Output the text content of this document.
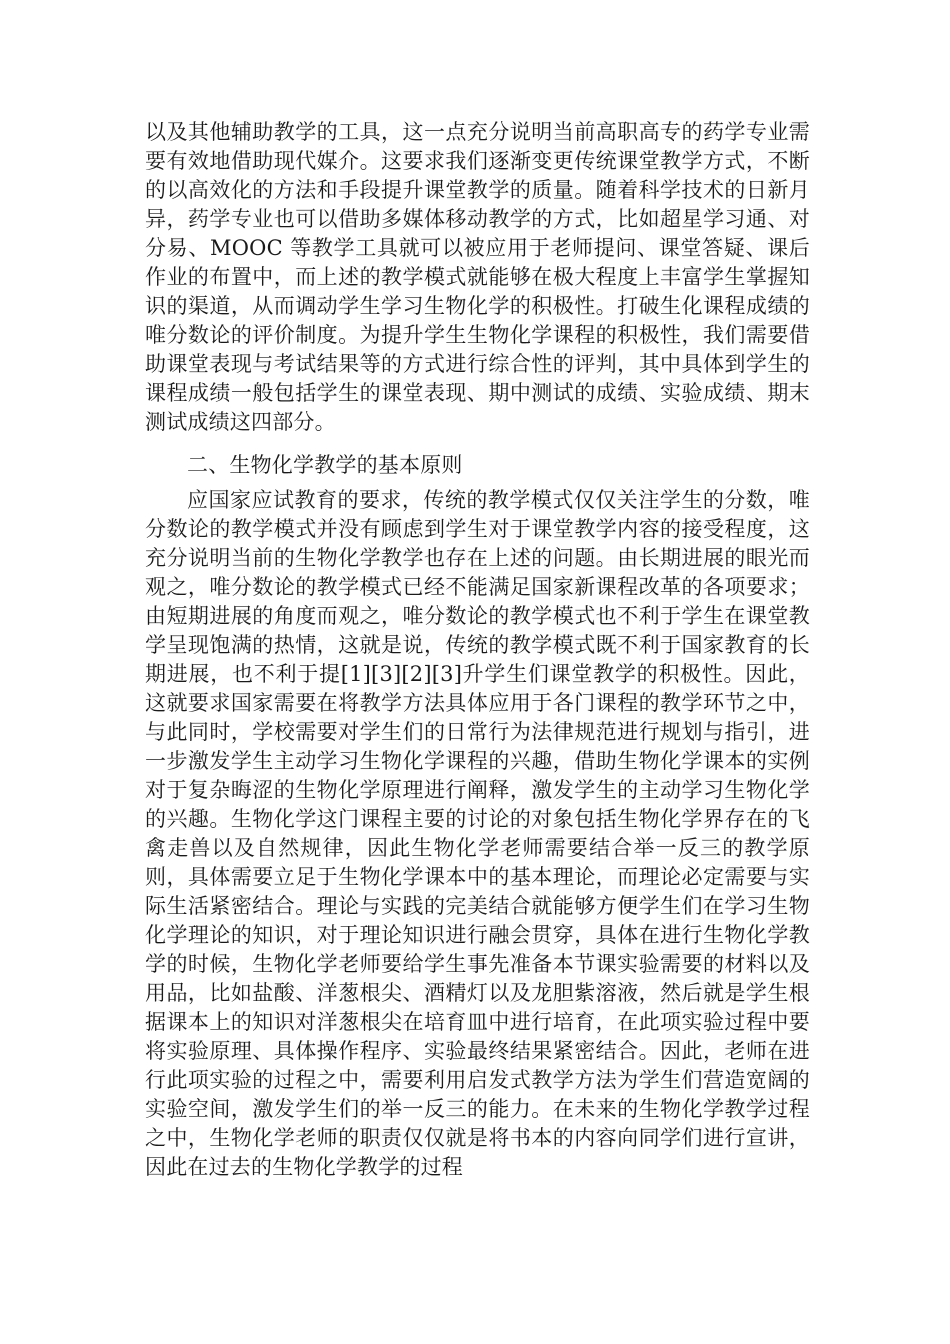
以及其他辅助教学的工具，这一点充分说明当前高职高专的药学专业需要有效地借助现代媒介。这要求我们逐渐变更传统课堂教学方式，不断的以高效化的方法和手段提升课堂教学的质量。随着科学技术的日新月异，药学专业也可以借助多媒体移动教学的方式，比如超星学习通、对分易、MOOC 等教学工具就可以被应用于老师提问、课堂答疑、课后作业的布置中，而上述的教学模式就能够在极大程度上丰富学生掌握知识的渠道，从而调动学生学习生物化学的积极性。打破生化课程成绩的唯分数论的评价制度。为提升学生生物化学课程的积极性，我们需要借助课堂表现与考试结果等的方式进行综合性的评判，其中具体到学生的课程成绩一般包括学生的课堂表现、期中测试的成绩、实验成绩、期末测试成绩这四部分。

二、生物化学教学的基本原则

应国家应试教育的要求，传统的教学模式仅仅关注学生的分数，唯分数论的教学模式并没有顾虑到学生对于课堂教学内容的接受程度，这充分说明当前的生物化学教学也存在上述的问题。由长期进展的眼光而观之，唯分数论的教学模式已经不能满足国家新课程改革的各项要求；由短期进展的角度而观之，唯分数论的教学模式也不利于学生在课堂教学呈现饱满的热情，这就是说，传统的教学模式既不利于国家教育的长期进展，也不利于提[1][3][2][3]升学生们课堂教学的积极性。因此，这就要求国家需要在将教学方法具体应用于各门课程的教学环节之中，与此同时，学校需要对学生们的日常行为法律规范进行规划与指引，进一步激发学生主动学习生物化学课程的兴趣，借助生物化学课本的实例对于复杂晦涩的生物化学原理进行阐释，激发学生的主动学习生物化学的兴趣。生物化学这门课程主要的讨论的对象包括生物化学界存在的飞禽走兽以及自然规律，因此生物化学老师需要结合举一反三的教学原则，具体需要立足于生物化学课本中的基本理论，而理论必定需要与实际生活紧密结合。理论与实践的完美结合就能够方便学生们在学习生物化学理论的知识，对于理论知识进行融会贯穿，具体在进行生物化学教学的时候，生物化学老师要给学生事先准备本节课实验需要的材料以及用品，比如盐酸、洋葱根尖、酒精灯以及龙胆紫溶液，然后就是学生根据课本上的知识对洋葱根尖在培育皿中进行培育，在此项实验过程中要将实验原理、具体操作程序、实验最终结果紧密结合。因此，老师在进行此项实验的过程之中，需要利用启发式教学方法为学生们营造宽阔的实验空间，激发学生们的举一反三的能力。在未来的生物化学教学过程之中，生物化学老师的职责仅仅就是将书本的内容向同学们进行宣讲，因此在过去的生物化学教学的过程
